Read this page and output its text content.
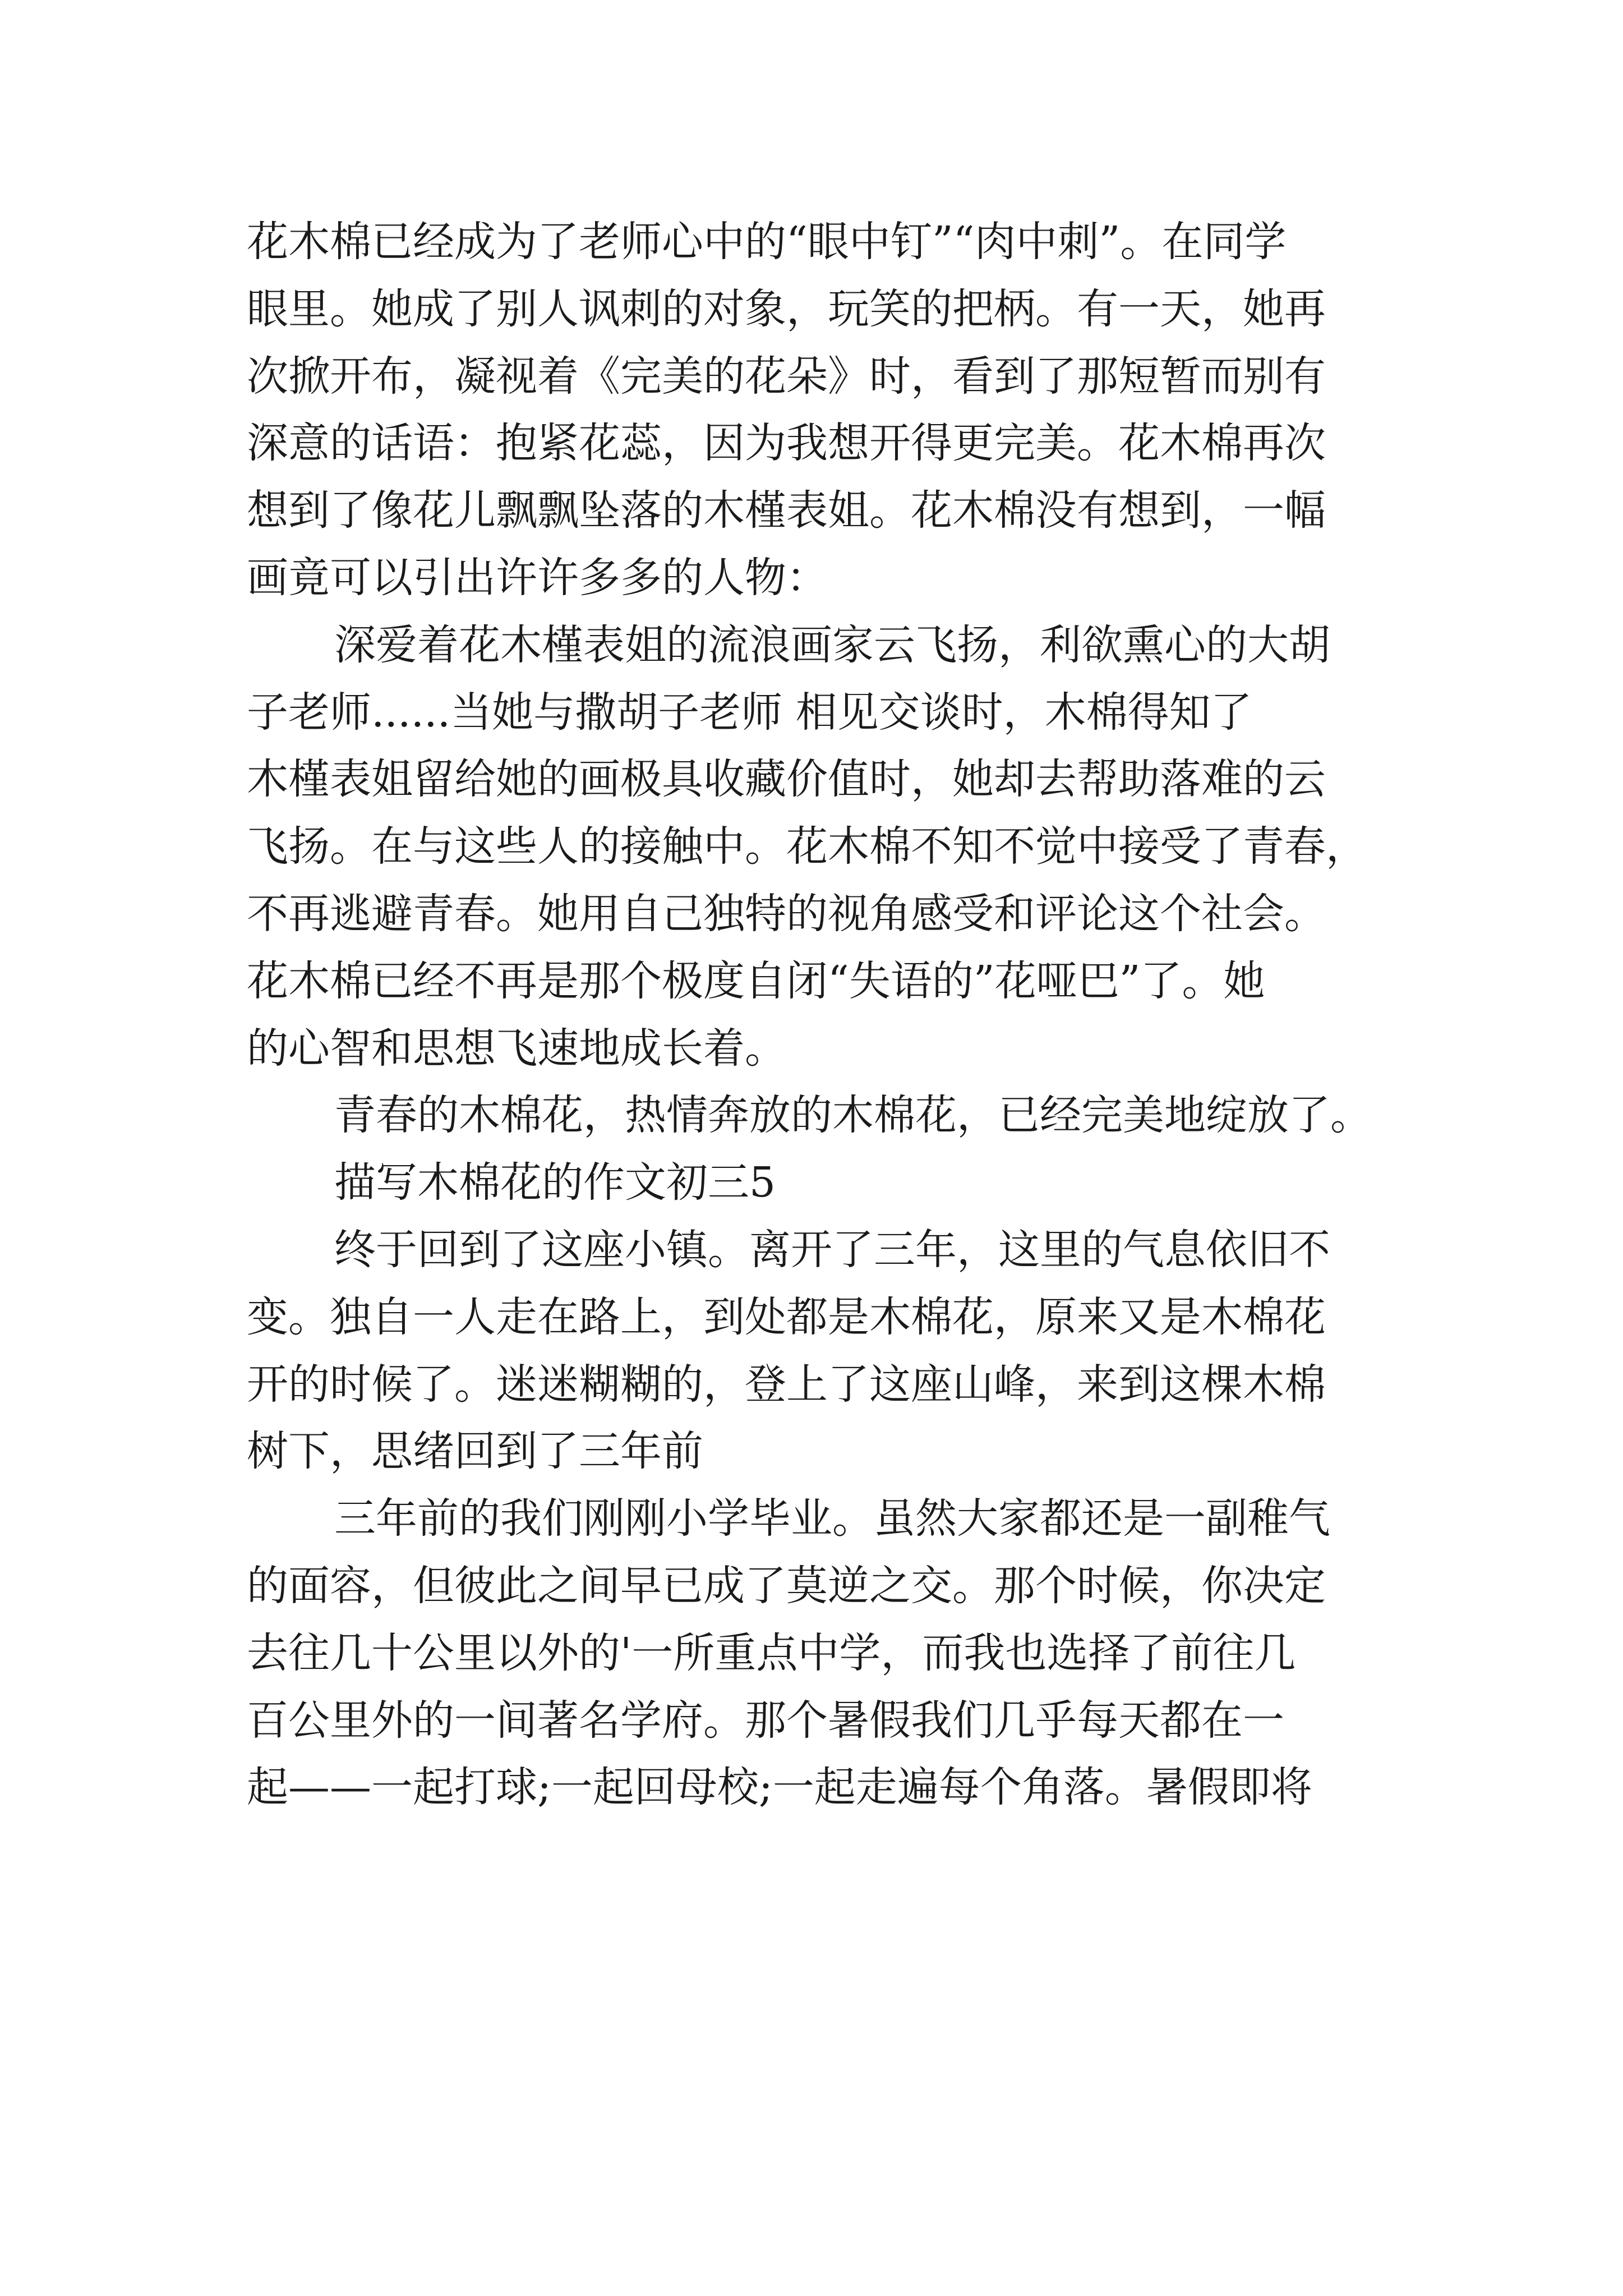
花木棉已经成为了老师心中的“眼中钉”“肉中刺”。在同学
眼里。她成了别人讽刺的对象，玩笑的把柄。有一天，她再
次掀开布，凝视着《完美的花朵》时，看到了那短暂而别有
深意的话语：抱紧花蕊，因为我想开得更完美。花木棉再次
想到了像花儿飘飘坠落的木槿表姐。花木棉没有想到，一幅
画竟可以引出许许多多的人物：
深爱着花木槿表姐的流浪画家云飞扬，利欲熏心的大胡
子老师......当她与撒胡子老师 相见交谈时，木棉得知了
木槿表姐留给她的画极具收藏价值时，她却去帮助落难的云
飞扬。在与这些人的接触中。花木棉不知不觉中接受了青春，
不再逃避青春。她用自己独特的视角感受和评论这个社会。
花木棉已经不再是那个极度自闭“失语的”花哑巴”了。她
的心智和思想飞速地成长着。
青春的木棉花，热情奔放的木棉花，已经完美地绽放了。
描写木棉花的作文初三5
终于回到了这座小镇。离开了三年，这里的气息依旧不
变。独自一人走在路上，到处都是木棉花，原来又是木棉花
开的时候了。迷迷糊糊的，登上了这座山峰，来到这棵木棉
树下，思绪回到了三年前
三年前的我们刚刚小学毕业。虽然大家都还是一副稚气
的面容，但彼此之间早已成了莫逆之交。那个时候，你决定
去往几十公里以外的'一所重点中学，而我也选择了前往几
百公里外的一间著名学府。那个暑假我们几乎每天都在一
起——一起打球;一起回母校;一起走遍每个角落。暑假即将
